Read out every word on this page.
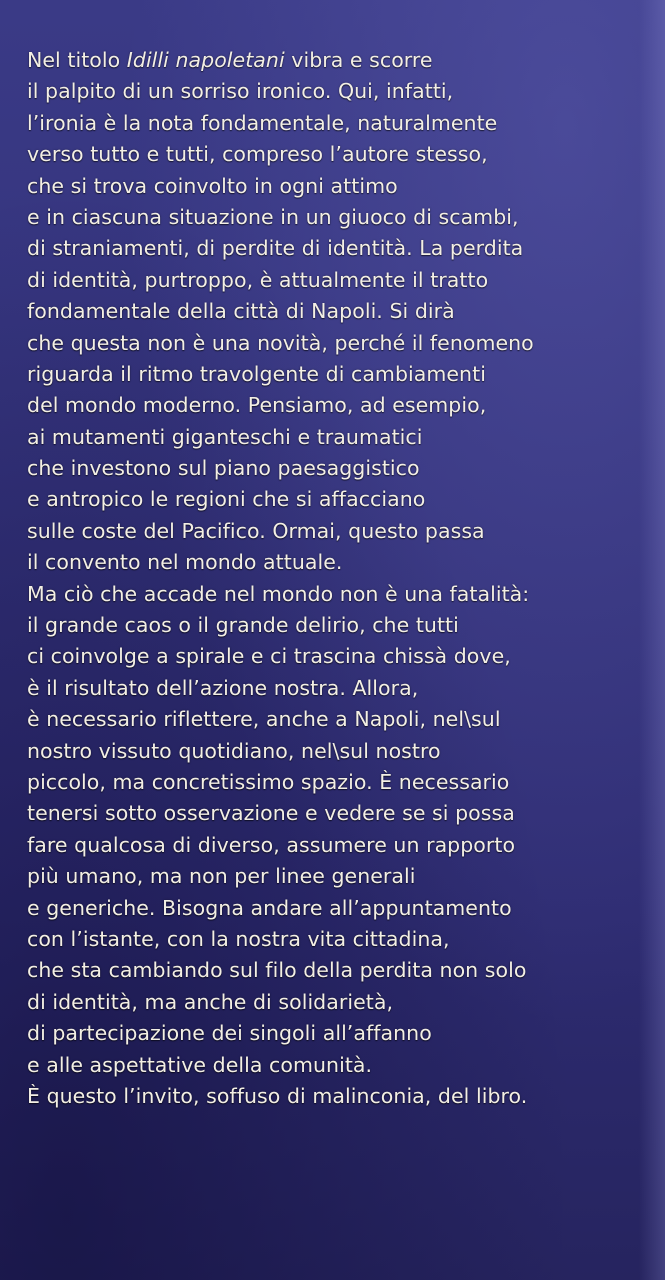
Nel titolo Idilli napoletani vibra e scorre
il palpito di un sorriso ironico. Qui, infatti,
l’ironia è la nota fondamentale, naturalmente
verso tutto e tutti, compreso l’autore stesso,
che si trova coinvolto in ogni attimo
e in ciascuna situazione in un giuoco di scambi,
di straniamenti, di perdite di identità. La perdita
di identità, purtroppo, è attualmente il tratto
fondamentale della città di Napoli. Si dirà
che questa non è una novità, perché il fenomeno
riguarda il ritmo travolgente di cambiamenti
del mondo moderno. Pensiamo, ad esempio,
ai mutamenti giganteschi e traumatici
che investono sul piano paesaggistico
e antropico le regioni che si affacciano
sulle coste del Pacifico. Ormai, questo passa
il convento nel mondo attuale.
Ma ciò che accade nel mondo non è una fatalità:
il grande caos o il grande delirio, che tutti
ci coinvolge a spirale e ci trascina chissà dove,
è il risultato dell’azione nostra. Allora,
è necessario riflettere, anche a Napoli, nel\sul
nostro vissuto quotidiano, nel\sul nostro
piccolo, ma concretissimo spazio. È necessario
tenersi sotto osservazione e vedere se si possa
fare qualcosa di diverso, assumere un rapporto
più umano, ma non per linee generali
e generiche. Bisogna andare all’appuntamento
con l’istante, con la nostra vita cittadina,
che sta cambiando sul filo della perdita non solo
di identità, ma anche di solidarietà,
di partecipazione dei singoli all’affanno
e alle aspettative della comunità.
È questo l’invito, soffuso di malinconia, del libro.
